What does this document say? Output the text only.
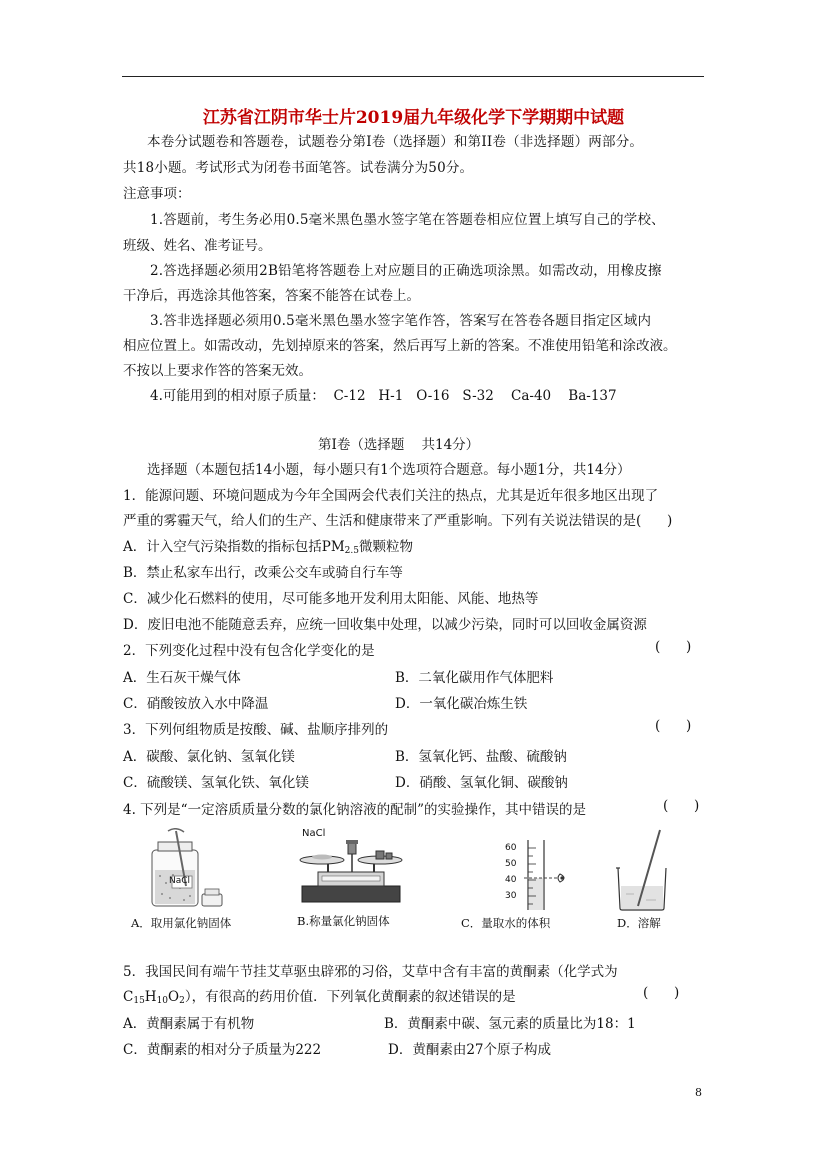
江苏省江阴市华士片2019届九年级化学下学期期中试题
本卷分试题卷和答题卷，试题卷分第Ⅰ卷（选择题）和第II卷（非选择题）两部分。
共18小题。考试形式为闭卷书面笔答。试卷满分为50分。
注意事项：
1.答题前，考生务必用0.5毫米黑色墨水签字笔在答题卷相应位置上填写自己的学校、
班级、姓名、准考证号。
2.答选择题必须用2B铅笔将答题卷上对应题目的正确选项涂黑。如需改动，用橡皮擦
干净后，再选涂其他答案，答案不能答在试卷上。
3.答非选择题必须用0.5毫米黑色墨水签字笔作答，答案写在答卷各题目指定区域内
相应位置上。如需改动，先划掉原来的答案，然后再写上新的答案。不准使用铅笔和涂改液。
不按以上要求作答的答案无效。
4.可能用到的相对原子质量：  C-12   H-1   O-16   S-32    Ca-40    Ba-137
第Ⅰ卷（选择题    共14分）
选择题（本题包括14小题，每小题只有1个选项符合题意。每小题1分，共14分）
1．能源问题、环境问题成为今年全国两会代表们关注的热点，尤其是近年很多地区出现了
严重的雾霾天气，给人们的生产、生活和健康带来了严重影响。下列有关说法错误的是(      )
A．计入空气污染指数的指标包括$PM_{2.5}$微颗粒物
B．禁止私家车出行，改乘公交车或骑自行车等
C．减少化石燃料的使用，尽可能多地开发利用太阳能、风能、地热等
D．废旧电池不能随意丢弃，应统一回收集中处理，以减少污染，同时可以回收金属资源
2．下列变化过程中没有包含化学变化的是	(      )
A．生石灰干燥气体	B．二氧化碳用作气体肥料
C．硝酸铵放入水中降温	D．一氧化碳冶炼生铁
3．下列何组物质是按酸、碱、盐顺序排列的	(      )
A．碳酸、氯化钠、氢氧化镁	B．氢氧化钙、盐酸、硫酸钠
C．硫酸镁、氢氧化铁、氧化镁	D．硝酸、氢氧化铜、碳酸钠
4. 下列是“一定溶质质量分数的氯化钠溶液的配制”的实验操作，其中错误的是	(      )
NaCl
NaCl
60
50
40
30
A．取用氯化钠固体	B.称量氯化钠固体	C．量取水的体积	D．溶解
5．我国民间有端午节挂艾草驱虫辟邪的习俗，艾草中含有丰富的黄酮素（化学式为
$C_{15}H_{10}O_2$），有很高的药用价值．下列氧化黄酮素的叙述错误的是	(      )
A．黄酮素属于有机物	B．黄酮素中碳、氢元素的质量比为18：1
C．黄酮素的相对分子质量为222	D．黄酮素由27个原子构成
8
